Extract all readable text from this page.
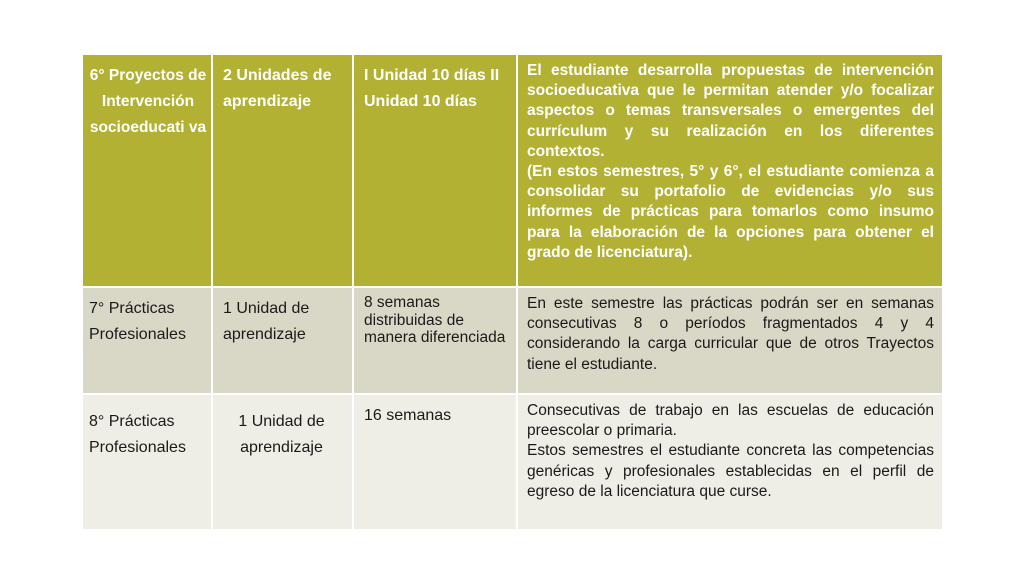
6° Proyectos de Intervención socioeducati va
2 Unidades de aprendizaje
I Unidad 10 días II Unidad 10 días

El estudiante desarrolla propuestas de intervención socioeducativa que le permitan atender y/o focalizar aspectos o temas transversales o emergentes del currículum y su realización en los diferentes contextos.

(En estos semestres, 5° y 6°, el estudiante comienza a consolidar su portafolio de evidencias y/o sus informes de prácticas para tomarlos como insumo para la elaboración de la opciones para obtener el grado de licenciatura).

7° Prácticas Profesionales
1 Unidad de aprendizaje
8 semanas distribuidas de manera diferenciada

En este semestre las prácticas podrán ser en semanas consecutivas 8 o períodos fragmentados 4 y 4 considerando la carga curricular que de otros Trayectos tiene el estudiante.

8° Prácticas Profesionales
1 Unidad de aprendizaje
16 semanas	Consecutivas de trabajo en las escuelas de educación preescolar o primaria.

Estos semestres el estudiante concreta las competencias genéricas y profesionales establecidas en el perfil de egreso de la licenciatura que curse.
